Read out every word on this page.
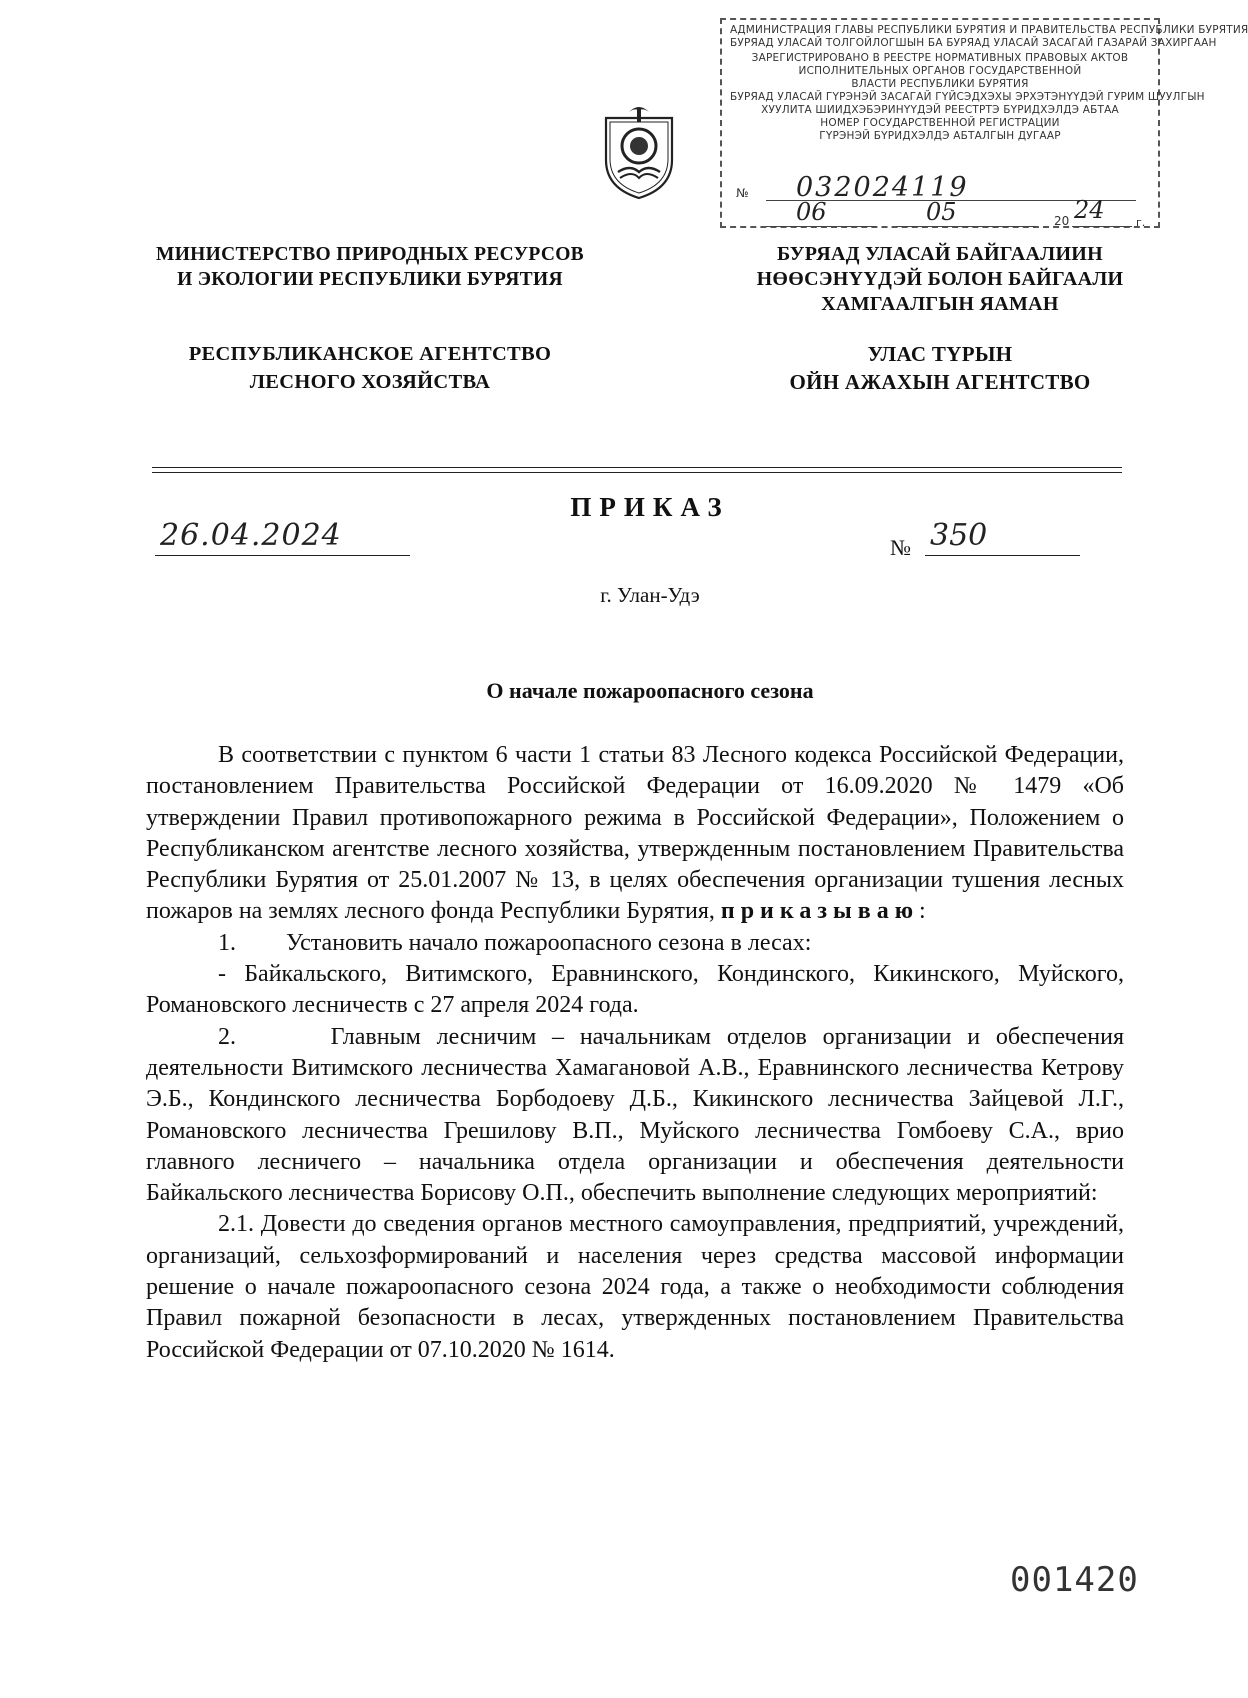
АДМИНИСТРАЦИЯ ГЛАВЫ РЕСПУБЛИКИ БУРЯТИЯ И ПРАВИТЕЛЬСТВА РЕСПУБЛИКИ БУРЯТИЯ
БУРЯАД УЛАСАЙ ТОЛГОЙЛОГШЫН БА БУРЯАД УЛАСАЙ ЗАСАГАЙ ГАЗАРАЙ ЗАХИРГААН
ЗАРЕГИСТРИРОВАНО В РЕЕСТРЕ НОРМАТИВНЫХ ПРАВОВЫХ АКТОВ
ИСПОЛНИТЕЛЬНЫХ ОРГАНОВ ГОСУДАРСТВЕННОЙ
ВЛАСТИ РЕСПУБЛИКИ БУРЯТИЯ
БУРЯАД УЛАСАЙ ГҮРЭНЭЙ ЗАСАГАЙ ГҮЙСЭДХЭХЫ ЭРХЭТЭНҮҮДЭЙ ГУРИМ ШУУЛГЫН
ХУУЛИТА ШИИДХЭБЭРИНҮҮДЭЙ РЕЕСТРТЭ БҮРИДХЭЛДЭ АБТАА
НОМЕР ГОСУДАРСТВЕННОЙ РЕГИСТРАЦИИ
ГҮРЭНЭЙ БҮРИДХЭЛДЭ АБТАЛГЫН ДУГААР
№ 032024119
06	05	20 24	г.
МИНИСТЕРСТВО ПРИРОДНЫХ РЕСУРСОВ
И ЭКОЛОГИИ РЕСПУБЛИКИ БУРЯТИЯ
РЕСПУБЛИКАНСКОЕ АГЕНТСТВО
ЛЕСНОГО ХОЗЯЙСТВА
БУРЯАД УЛАСАЙ БАЙГААЛИИН
НӨӨСЭНҮҮДЭЙ БОЛОН БАЙГААЛИ
ХАМГААЛГЫН ЯАМАН
УЛАС ТҮРЫН
ОЙН АЖАХЫН АГЕНТСТВО
ПРИКАЗ
26.04.2024	№ 350
г. Улан-Удэ
О начале пожароопасного сезона

В соответствии с пунктом 6 части 1 статьи 83 Лесного кодекса Российской Федерации, постановлением Правительства Российской Федерации от 16.09.2020 № 1479 «Об утверждении Правил противопожарного режима в Российской Федерации», Положением о Республиканском агентстве лесного хозяйства, утвержденным постановлением Правительства Республики Бурятия от 25.01.2007 № 13, в целях обеспечения организации тушения лесных пожаров на землях лесного фонда Республики Бурятия, приказываю:

1.	Установить начало пожароопасного сезона в лесах:

- Байкальского, Витимского, Еравнинского, Кондинского, Кикинского, Муйского, Романовского лесничеств с 27 апреля 2024 года.

2.	Главным лесничим – начальникам отделов организации и обеспечения деятельности Витимского лесничества Хамагановой А.В., Еравнинского лесничества Кетрову Э.Б., Кондинского лесничества Борбодоеву Д.Б., Кикинского лесничества Зайцевой Л.Г., Романовского лесничества Грешилову В.П., Муйского лесничества Гомбоеву С.А., врио главного лесничего – начальника отдела организации и обеспечения деятельности Байкальского лесничества Борисову О.П., обеспечить выполнение следующих мероприятий:

2.1. Довести до сведения органов местного самоуправления, предприятий, учреждений, организаций, сельхозформирований и населения через средства массовой информации решение о начале пожароопасного сезона 2024 года, а также о необходимости соблюдения Правил пожарной безопасности в лесах, утвержденных постановлением Правительства Российской Федерации от 07.10.2020 № 1614.

001420
